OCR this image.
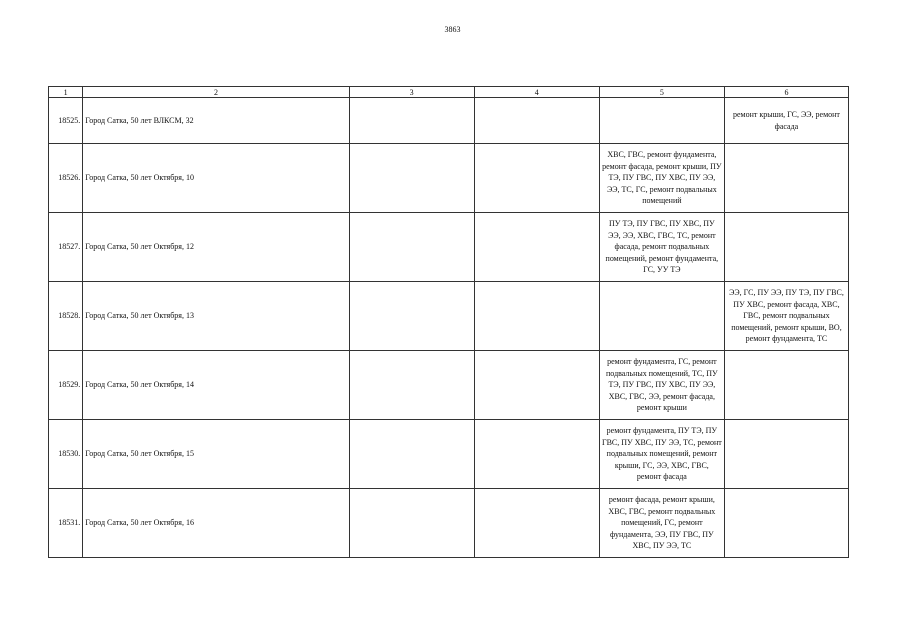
3863
1	2	3	4	5	6
18525.	Город Сатка, 50 лет ВЛКСМ, 32				ремонт крыши, ГС, ЭЭ, ремонт фасада
18526.	Город Сатка, 50 лет Октября, 10			ХВС, ГВС, ремонт фундамента, ремонт фасада, ремонт крыши, ПУ ТЭ, ПУ ГВС, ПУ ХВС, ПУ ЭЭ, ЭЭ, ТС, ГС, ремонт подвальных помещений	
18527.	Город Сатка, 50 лет Октября, 12			ПУ ТЭ, ПУ ГВС, ПУ ХВС, ПУ ЭЭ, ЭЭ, ХВС, ГВС, ТС, ремонт фасада, ремонт подвальных помещений, ремонт фундамента, ГС, УУ ТЭ	
18528.	Город Сатка, 50 лет Октября, 13				ЭЭ, ГС, ПУ ЭЭ, ПУ ТЭ, ПУ ГВС, ПУ ХВС, ремонт фасада, ХВС, ГВС, ремонт подвальных помещений, ремонт крыши, ВО, ремонт фундамента, ТС
18529.	Город Сатка, 50 лет Октября, 14			ремонт фундамента, ГС, ремонт подвальных помещений, ТС, ПУ ТЭ, ПУ ГВС, ПУ ХВС, ПУ ЭЭ, ХВС, ГВС, ЭЭ, ремонт фасада, ремонт крыши	
18530.	Город Сатка, 50 лет Октября, 15			ремонт фундамента, ПУ ТЭ, ПУ ГВС, ПУ ХВС, ПУ ЭЭ, ТС, ремонт подвальных помещений, ремонт крыши, ГС, ЭЭ, ХВС, ГВС, ремонт фасада	
18531.	Город Сатка, 50 лет Октября, 16			ремонт фасада, ремонт крыши, ХВС, ГВС, ремонт подвальных помещений, ГС, ремонт фундамента, ЭЭ, ПУ ГВС, ПУ ХВС, ПУ ЭЭ, ТС	
